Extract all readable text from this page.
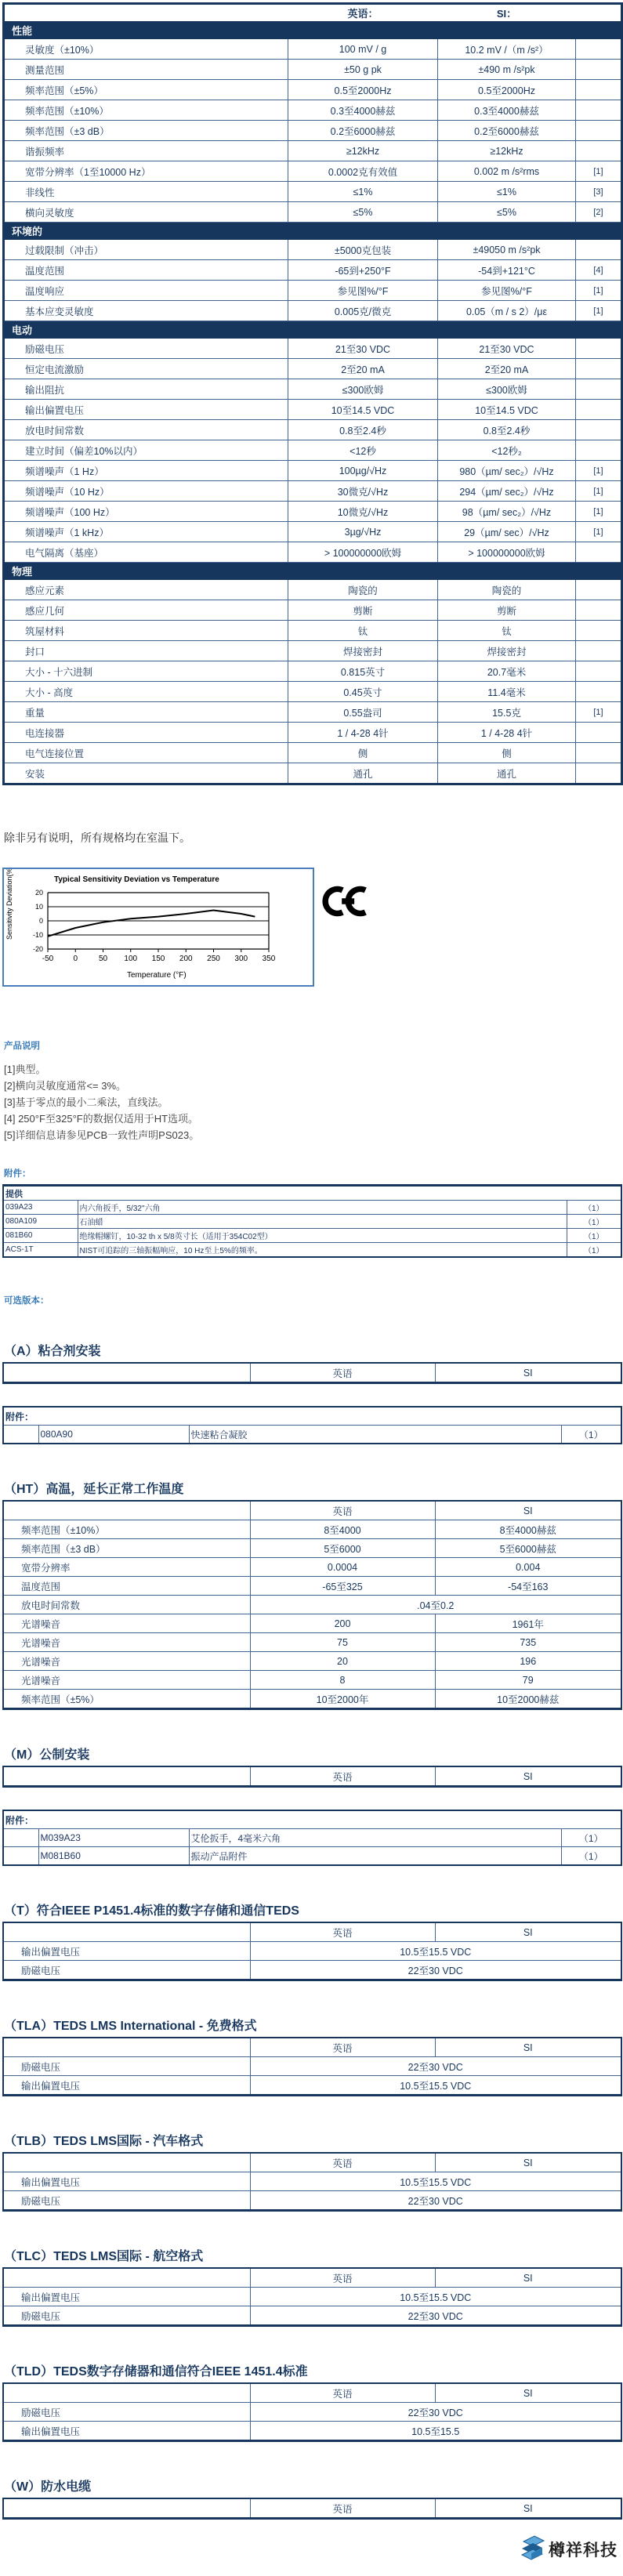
	英语：	SI：	
性能			
灵敏度（±10%）	100 mV / g	10.2 mV /（m /s²）	
测量范围	±50 g pk	±490 m /s²pk	
频率范围（±5%）	0.5至2000Hz	0.5至2000Hz	
频率范围（±10%）	0.3至4000赫兹	0.3至4000赫兹	
频率范围（±3 dB）	0.2至6000赫兹	0.2至6000赫兹	
谐振频率	≥12kHz	≥12kHz	
宽带分辨率（1至10000 Hz）	0.0002克有效值	0.002 m /s²rms	[1]
非线性	≤1%	≤1%	[3]
横向灵敏度	≤5%	≤5%	[2]
环境的			
过载限制（冲击）	±5000克包装	±49050 m /s²pk	
温度范围	-65到+250°F	-54到+121°C	[4]
温度响应	参见图%/°F	参见图%/°F	[1]
基本应变灵敏度	0.005克/微克	0.05（m / s 2）/με	[1]
电动			
励磁电压	21至30 VDC	21至30 VDC	
恒定电流激励	2至20 mA	2至20 mA	
输出阻抗	≤300欧姆	≤300欧姆	
输出偏置电压	10至14.5 VDC	10至14.5 VDC	
放电时间常数	0.8至2.4秒	0.8至2.4秒	
建立时间（偏差10%以内）	<12秒	<12秒₂	
频谱噪声（1 Hz）	100µg/√Hz	980（µm/ sec₂）/√Hz	[1]
频谱噪声（10 Hz）	30微克/√Hz	294（µm/ sec₂）/√Hz	[1]
频谱噪声（100 Hz）	10微克/√Hz	98（µm/ sec₂）/√Hz	[1]
频谱噪声（1 kHz）	3µg/√Hz	29（µm/ sec）/√Hz	[1]
电气隔离（基座）	> 100000000欧姆	> 100000000欧姆	
物理			
感应元素	陶瓷的	陶瓷的	
感应几何	剪断	剪断	
筑屋材料	钛	钛	
封口	焊接密封	焊接密封	
大小 - 十六进制	0.815英寸	20.7毫米	
大小 - 高度	0.45英寸	11.4毫米	
重量	0.55盎司	15.5克	[1]
电连接器	1 / 4-28 4针	1 / 4-28 4针	
电气连接位置	侧	侧	
安装	通孔	通孔	
除非另有说明，所有规格均在室温下。
Typical Sensitivity Deviation vs Temperature
Sensitivity Deviation(%)
Temperature (°F)
20
10
0
-10
-20
-50	0	50 100 150 200 250 300 350
产品说明
[1]典型。
[2]横向灵敏度通常<= 3%。
[3]基于零点的最小二乘法，直线法。
[4] 250°F至325°F的数据仅适用于HT选项。
[5]详细信息请参见PCB一致性声明PS023。
附件：
提供		
039A23	内六角扳手，5/32"六角	（1）
080A109	石油蜡	（1）
081B60	绝缘帽螺钉，10-32 th x 5/8英寸长（适用于354C02型）	（1）
ACS-1T	NIST可追踪的三轴振幅响应，10 Hz至上5%的频率。	（1）
可选版本：
（A）粘合剂安装
	英语	SI
附件：
	080A90	快速粘合凝胶	（1）
（HT）高温，延长正常工作温度
	英语	SI
频率范围（±10%）	8至4000	8至4000赫兹
频率范围（±3 dB）	5至6000	5至6000赫兹
宽带分辨率	0.0004	0.004
温度范围	-65至325	-54至163
放电时间常数	.04至0.2	
光谱噪音	200	1961年
光谱噪音	75	735
光谱噪音	20	196
光谱噪音	8	79
频率范围（±5%）	10至2000年	10至2000赫兹
（M）公制安装
	英语	SI
附件：			
	M039A23	艾伦扳手，4毫米六角	（1）
	M081B60	振动产品附件	（1）
（T）符合IEEE P1451.4标准的数字存储和通信TEDS
	英语	SI
输出偏置电压	10.5至15.5 VDC	
励磁电压	22至30 VDC	
（TLA）TEDS LMS International - 免费格式
	英语	SI
励磁电压	22至30 VDC	
输出偏置电压	10.5至15.5 VDC	
（TLB）TEDS LMS国际 - 汽车格式
	英语	SI
输出偏置电压	10.5至15.5 VDC	
励磁电压	22至30 VDC	
（TLC）TEDS LMS国际 - 航空格式
	英语	SI
输出偏置电压	10.5至15.5 VDC	
励磁电压	22至30 VDC	
（TLD）TEDS数字存储器和通信符合IEEE 1451.4标准
	英语	SI
励磁电压	22至30 VDC	
输出偏置电压	10.5至15.5	
（W）防水电缆
	英语	SI
樽祥科技
